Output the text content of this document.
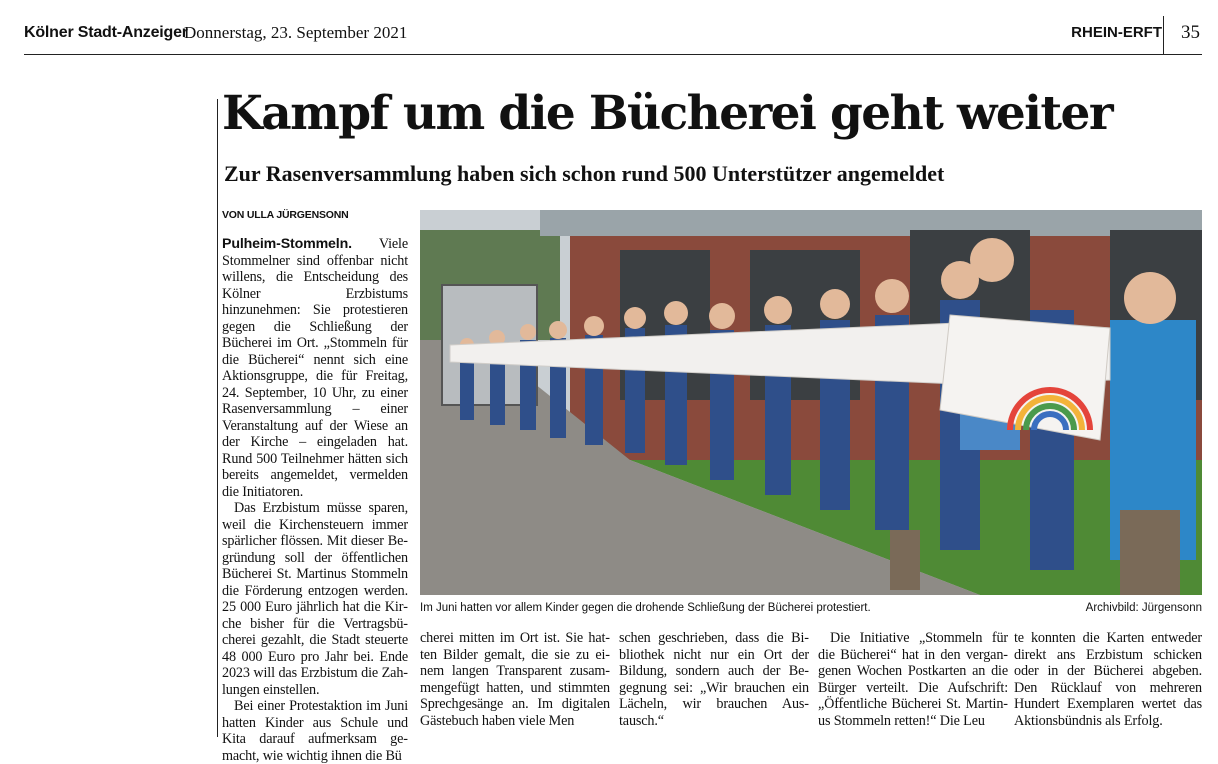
Kölner Stadt-Anzeiger
Donnerstag, 23. September 2021	RHEIN-ERFT 35
Kampf um die Bücherei geht weiter
Zur Rasenversammlung haben sich schon rund 500 Unterstützer angemeldet
VON ULLA JÜRGENSONN

Pulheim-Stommeln. Viele Stommelner sind offenbar nicht willens, die Entscheidung des Kölner Erzbistums hinzunehmen: Sie protestieren gegen die Schließung der Bücherei im Ort. „Stommeln für die Bücherei“ nennt sich eine Aktionsgruppe, die für Freitag, 24. September, 10 Uhr, zu einer Rasenversammlung – einer Veranstaltung auf der Wiese an der Kirche – eingeladen hat. Rund 500 Teilnehmer hätten sich bereits angemeldet, vermelden die Initiatoren.

Das Erzbistum müsse sparen, weil die Kirchensteuern immer spärlicher flössen. Mit dieser Begründung soll der öffentlichen Bücherei St. Martinus Stommeln die Förderung entzogen werden. 25 000 Euro jährlich hat die Kirche bisher für die Vertragsbücherei gezahlt, die Stadt steuerte 48 000 Euro pro Jahr bei. Ende 2023 will das Erzbistum die Zahlungen einstellen.

Bei einer Protestaktion im Juni hatten Kinder aus Schule und Kita darauf aufmerksam gemacht, wie wichtig ihnen die Bü

Im Juni hatten vor allem Kinder gegen die drohende Schließung der Bücherei protestiert.	Archivbild: Jürgensonn

cherei mitten im Ort ist. Sie hatten Bilder gemalt, die sie zu einem langen Transparent zusammengefügt hatten, und stimmten Sprechgesänge an. Im digitalen Gästebuch haben viele Men

schen geschrieben, dass die Bibliothek nicht nur ein Ort der Bildung, sondern auch der Begegnung sei: „Wir brauchen ein Lächeln, wir brauchen Austausch.“

Die Initiative „Stommeln für die Bücherei“ hat in den vergangenen Wochen Postkarten an die Bürger verteilt. Die Aufschrift: „Öffentliche Bücherei St. Martinus Stommeln retten!“ Die Leu

te konnten die Karten entweder direkt ans Erzbistum schicken oder in der Bücherei abgeben. Den Rücklauf von mehreren Hundert Exemplaren wertet das Aktionsbündnis als Erfolg.
